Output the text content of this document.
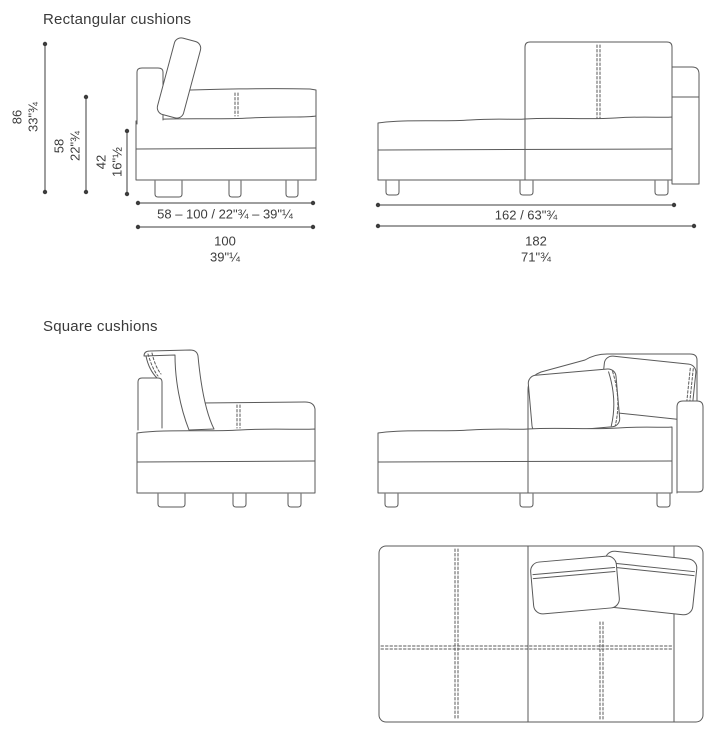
Rectangular cushions
86 33"¾
58 22"¾
42 16"½
58 – 100 / 22"¾ – 39"¼
100
39"¼
162 / 63"¾
182
71"¾
Square cushions
